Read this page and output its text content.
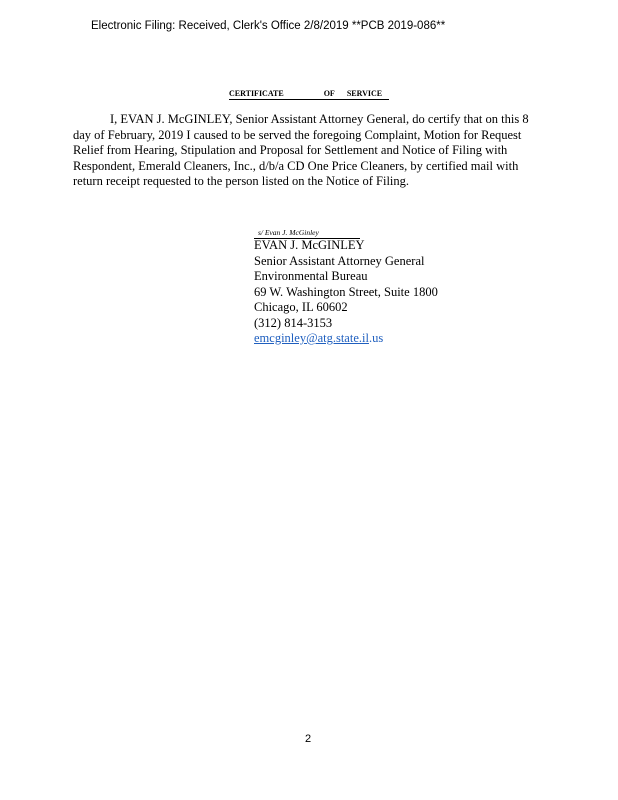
Electronic Filing: Received, Clerk's Office 2/8/2019 **PCB 2019-086**
CERTIFICATE	OF SERVICE

I, EVAN J. McGINLEY, Senior Assistant Attorney General, do certify that on this 8 day of February, 2019 I caused to be served the foregoing Complaint, Motion for Request Relief from Hearing, Stipulation and Proposal for Settlement and Notice of Filing with Respondent, Emerald Cleaners, Inc., d/b/a CD One Price Cleaners, by certified mail with return receipt requested to the person listed on the Notice of Filing.

s/ Evan J. McGinley
EVAN J. McGINLEY
Senior Assistant Attorney General
Environmental Bureau
69 W. Washington Street, Suite 1800
Chicago, IL 60602
(312) 814-3153
emcginley@atg.state.il.us
2
